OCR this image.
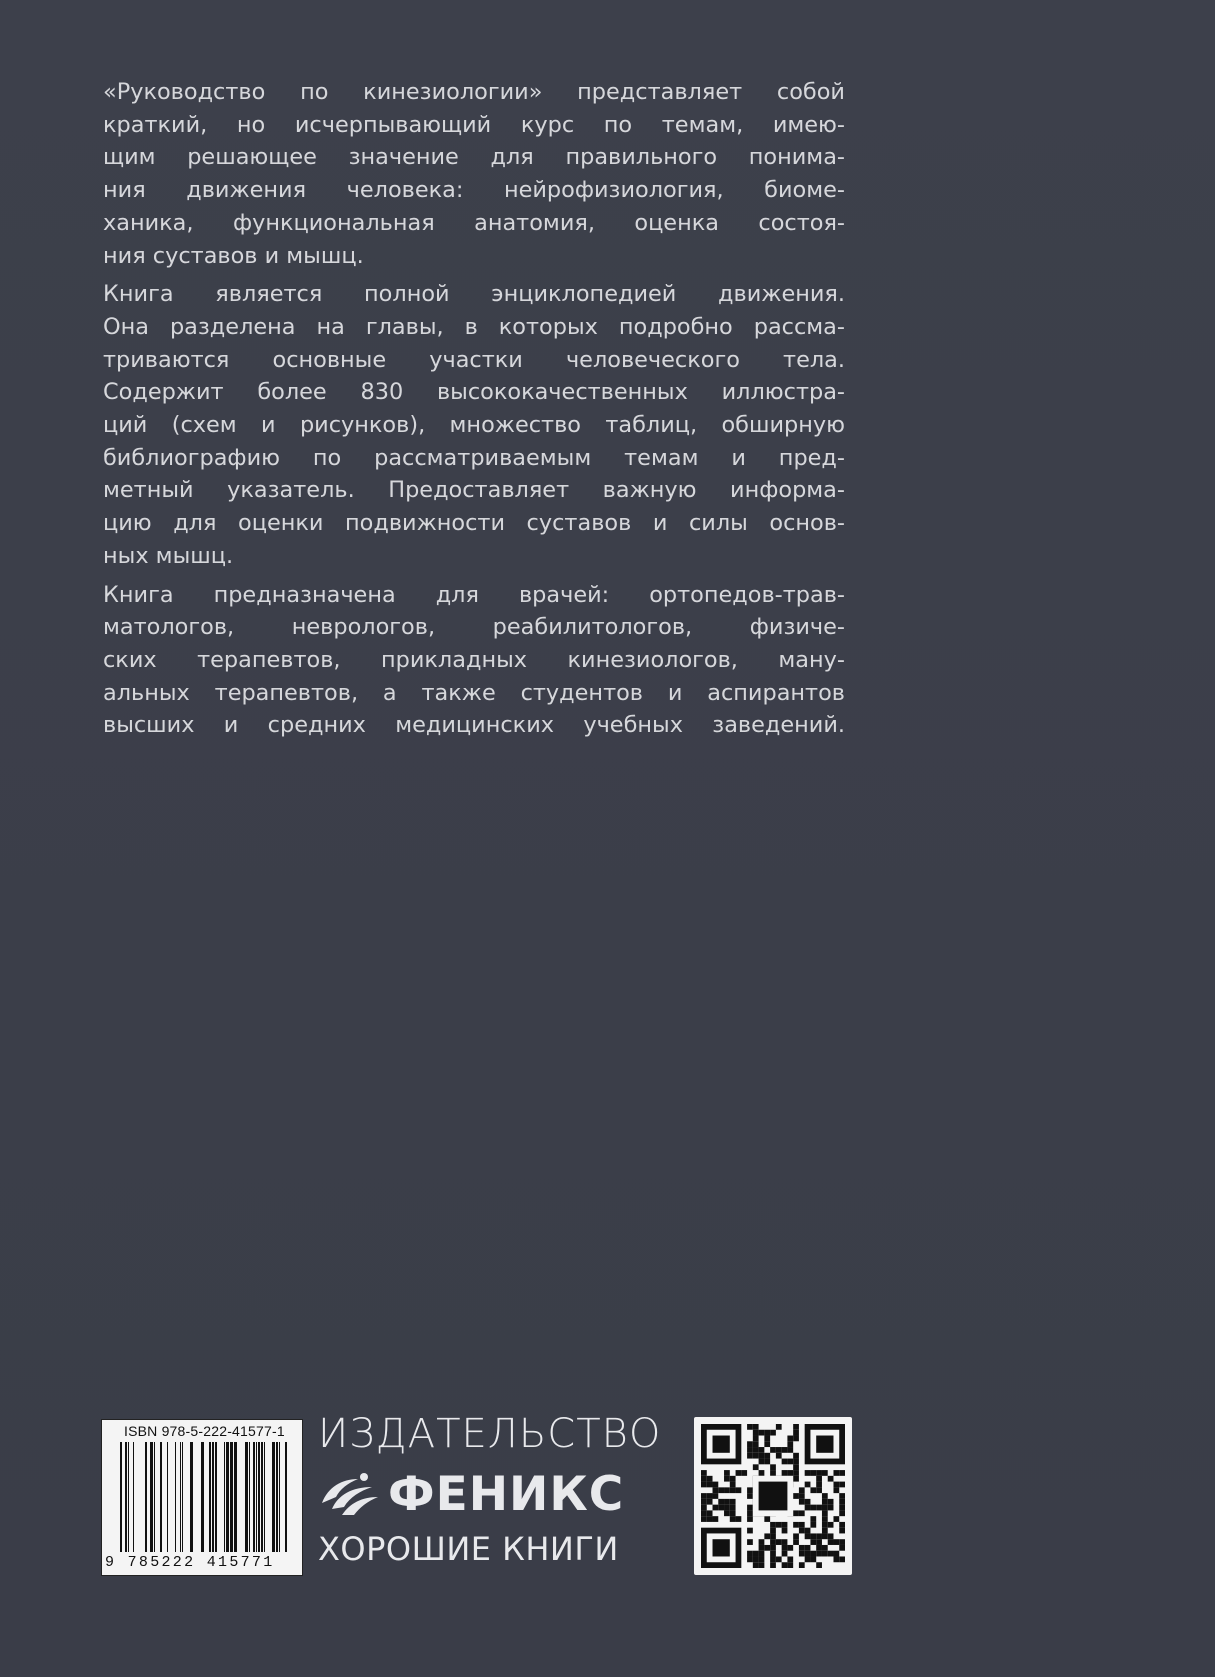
«Руководство по кинезиологии» представляет собой
краткий, но исчерпывающий курс по темам, имею-
щим решающее значение для правильного понима-
ния движения человека: нейрофизиология, биоме-
ханика, функциональная анатомия, оценка состоя-
ния суставов и мышц.

Книга является полной энциклопедией движения.
Она разделена на главы, в которых подробно рассма-
триваются основные участки человеческого тела.
Содержит более 830 высококачественных иллюстра-
ций (схем и рисунков), множество таблиц, обширную
библиографию по рассматриваемым темам и пред-
метный указатель. Предоставляет важную информа-
цию для оценки подвижности суставов и силы основ-
ных мышц.

Книга предназначена для врачей: ортопедов-трав-
матологов, неврологов, реабилитологов, физиче-
ских терапевтов, прикладных кинезиологов, ману-
альных терапевтов, а также студентов и аспирантов
высших и средних медицинских учебных заведений.

ISBN 978-5-222-41577-1
9 785222 415771
ИЗДАТЕЛЬСТВО
ФЕНИКС
ХОРОШИЕ КНИГИ
